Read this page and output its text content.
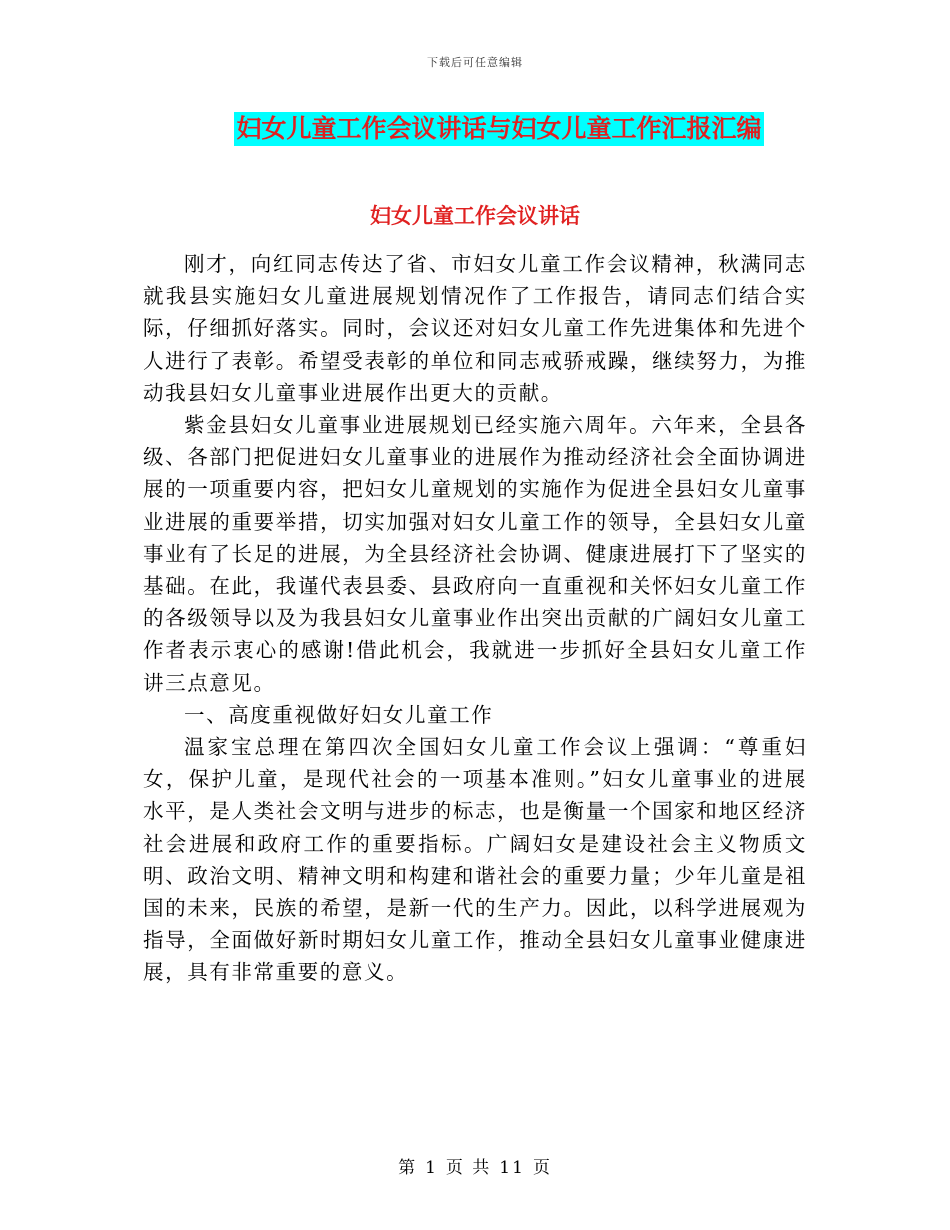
下载后可任意编辑
妇女儿童工作会议讲话与妇女儿童工作汇报汇编
妇女儿童工作会议讲话

刚才，向红同志传达了省、市妇女儿童工作会议精神，秋满同志就我县实施妇女儿童进展规划情况作了工作报告，请同志们结合实际，仔细抓好落实。同时，会议还对妇女儿童工作先进集体和先进个人进行了表彰。希望受表彰的单位和同志戒骄戒躁，继续努力，为推动我县妇女儿童事业进展作出更大的贡献。

紫金县妇女儿童事业进展规划已经实施六周年。六年来，全县各级、各部门把促进妇女儿童事业的进展作为推动经济社会全面协调进展的一项重要内容，把妇女儿童规划的实施作为促进全县妇女儿童事业进展的重要举措，切实加强对妇女儿童工作的领导，全县妇女儿童事业有了长足的进展，为全县经济社会协调、健康进展打下了坚实的基础。在此，我谨代表县委、县政府向一直重视和关怀妇女儿童工作的各级领导以及为我县妇女儿童事业作出突出贡献的广阔妇女儿童工作者表示衷心的感谢!借此机会，我就进一步抓好全县妇女儿童工作讲三点意见。

一、高度重视做好妇女儿童工作

温家宝总理在第四次全国妇女儿童工作会议上强调：“尊重妇女，保护儿童，是现代社会的一项基本准则。”妇女儿童事业的进展水平，是人类社会文明与进步的标志，也是衡量一个国家和地区经济社会进展和政府工作的重要指标。广阔妇女是建设社会主义物质文明、政治文明、精神文明和构建和谐社会的重要力量；少年儿童是祖国的未来，民族的希望，是新一代的生产力。因此，以科学进展观为指导，全面做好新时期妇女儿童工作，推动全县妇女儿童事业健康进展，具有非常重要的意义。

第 1 页 共 11 页
